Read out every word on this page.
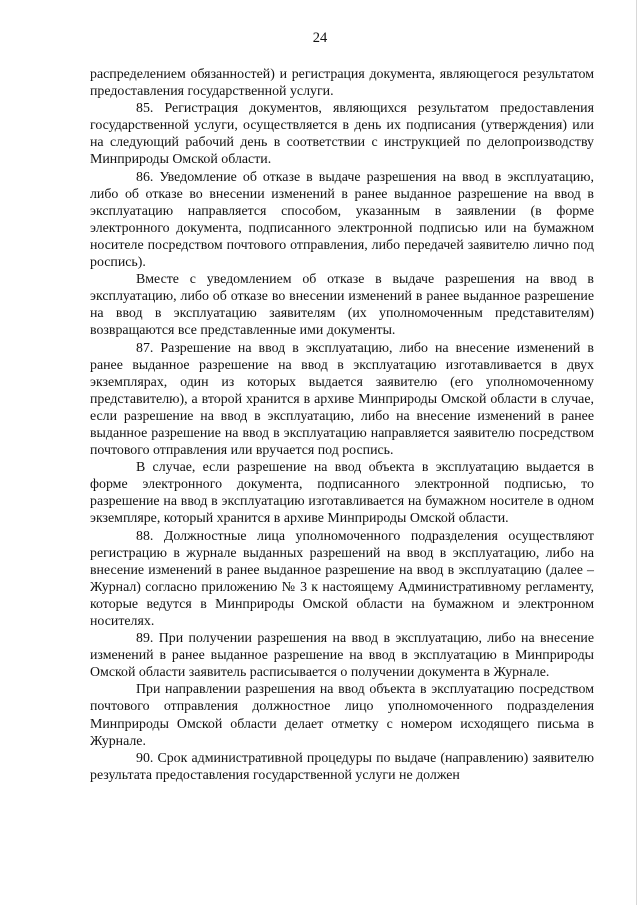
24

распределением обязанностей) и регистрация документа, являющегося результатом предоставления государственной услуги.

85. Регистрация документов, являющихся результатом предоставления государственной услуги, осуществляется в день их подписания (утверждения) или на следующий рабочий день в соответствии с инструкцией по делопроизводству Минприроды Омской области.

86. Уведомление об отказе в выдаче разрешения на ввод в эксплуатацию, либо об отказе во внесении изменений в ранее выданное разрешение на ввод в эксплуатацию направляется способом, указанным в заявлении (в форме электронного документа, подписанного электронной подписью или на бумажном носителе посредством почтового отправления, либо передачей заявителю лично под роспись).

Вместе с уведомлением об отказе в выдаче разрешения на ввод в эксплуатацию, либо об отказе во внесении изменений в ранее выданное разрешение на ввод в эксплуатацию заявителям (их уполномоченным представителям) возвращаются все представленные ими документы.

87. Разрешение на ввод в эксплуатацию, либо на внесение изменений в ранее выданное разрешение на ввод в эксплуатацию изготавливается в двух экземплярах, один из которых выдается заявителю (его уполномоченному представителю), а второй хранится в архиве Минприроды Омской области в случае, если разрешение на ввод в эксплуатацию, либо на внесение изменений в ранее выданное разрешение на ввод в эксплуатацию направляется заявителю посредством почтового отправления или вручается под роспись.

В случае, если разрешение на ввод объекта в эксплуатацию выдается в форме электронного документа, подписанного электронной подписью, то разрешение на ввод в эксплуатацию изготавливается на бумажном носителе в одном экземпляре, который хранится в архиве Минприроды Омской области.

88. Должностные лица уполномоченного подразделения осуществляют регистрацию в журнале выданных разрешений на ввод в эксплуатацию, либо на внесение изменений в ранее выданное разрешение на ввод в эксплуатацию (далее – Журнал) согласно приложению № 3 к настоящему Административному регламенту, которые ведутся в Минприроды Омской области на бумажном и электронном носителях.

89. При получении разрешения на ввод в эксплуатацию, либо на внесение изменений в ранее выданное разрешение на ввод в эксплуатацию в Минприроды Омской области заявитель расписывается о получении документа в Журнале.

При направлении разрешения на ввод объекта в эксплуатацию посредством почтового отправления должностное лицо уполномоченного подразделения Минприроды Омской области делает отметку с номером исходящего письма в Журнале.

90. Срок административной процедуры по выдаче (направлению) заявителю результата предоставления государственной услуги не должен
